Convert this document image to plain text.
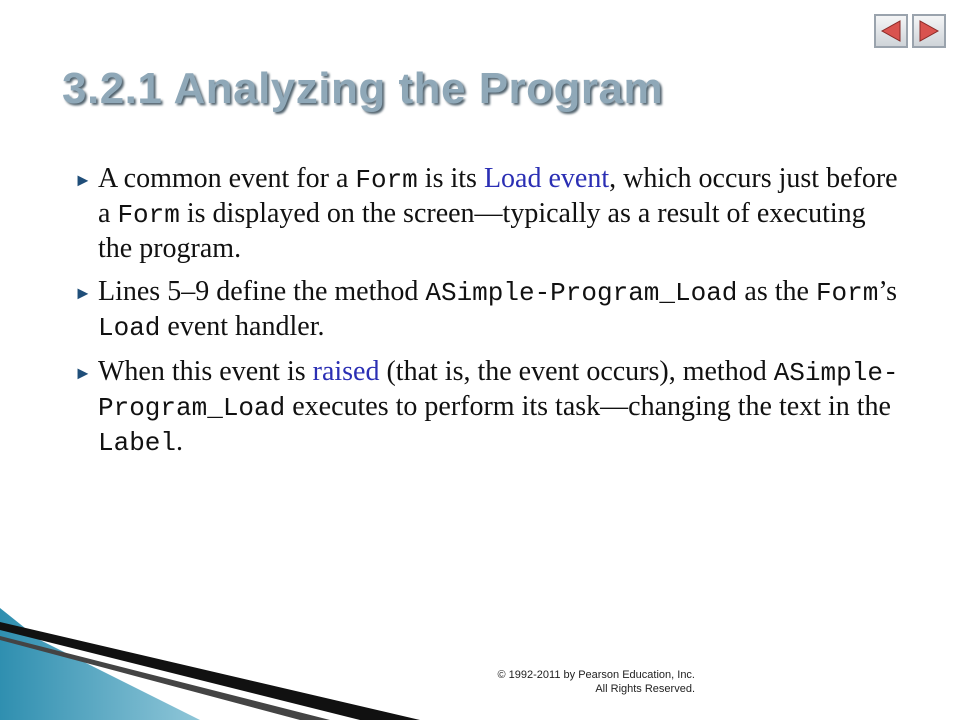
3.2.1 Analyzing the Program
► A common event for a Form is its Load event, which occurs just before a Form is displayed on the screen—typically as a result of executing the program.
► Lines 5–9 define the method ASimple-Program_Load as the Form’s Load event handler.
► When this event is raised (that is, the event occurs), method ASimple-Program_Load executes to perform its task—changing the text in the Label.
© 1992-2011 by Pearson Education, Inc.
All Rights Reserved.
